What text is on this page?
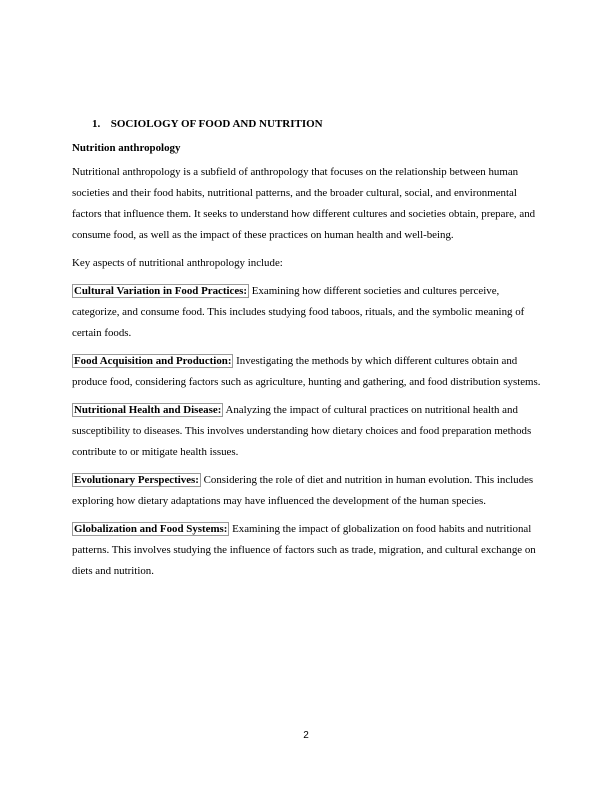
1. SOCIOLOGY OF FOOD AND NUTRITION
Nutrition anthropology

Nutritional anthropology is a subfield of anthropology that focuses on the relationship between human societies and their food habits, nutritional patterns, and the broader cultural, social, and environmental factors that influence them. It seeks to understand how different cultures and societies obtain, prepare, and consume food, as well as the impact of these practices on human health and well-being.

Key aspects of nutritional anthropology include:

Cultural Variation in Food Practices: Examining how different societies and cultures perceive, categorize, and consume food. This includes studying food taboos, rituals, and the symbolic meaning of certain foods.

Food Acquisition and Production: Investigating the methods by which different cultures obtain and produce food, considering factors such as agriculture, hunting and gathering, and food distribution systems.

Nutritional Health and Disease: Analyzing the impact of cultural practices on nutritional health and susceptibility to diseases. This involves understanding how dietary choices and food preparation methods contribute to or mitigate health issues.

Evolutionary Perspectives: Considering the role of diet and nutrition in human evolution. This includes exploring how dietary adaptations may have influenced the development of the human species.

Globalization and Food Systems: Examining the impact of globalization on food habits and nutritional patterns. This involves studying the influence of factors such as trade, migration, and cultural exchange on diets and nutrition.

2
